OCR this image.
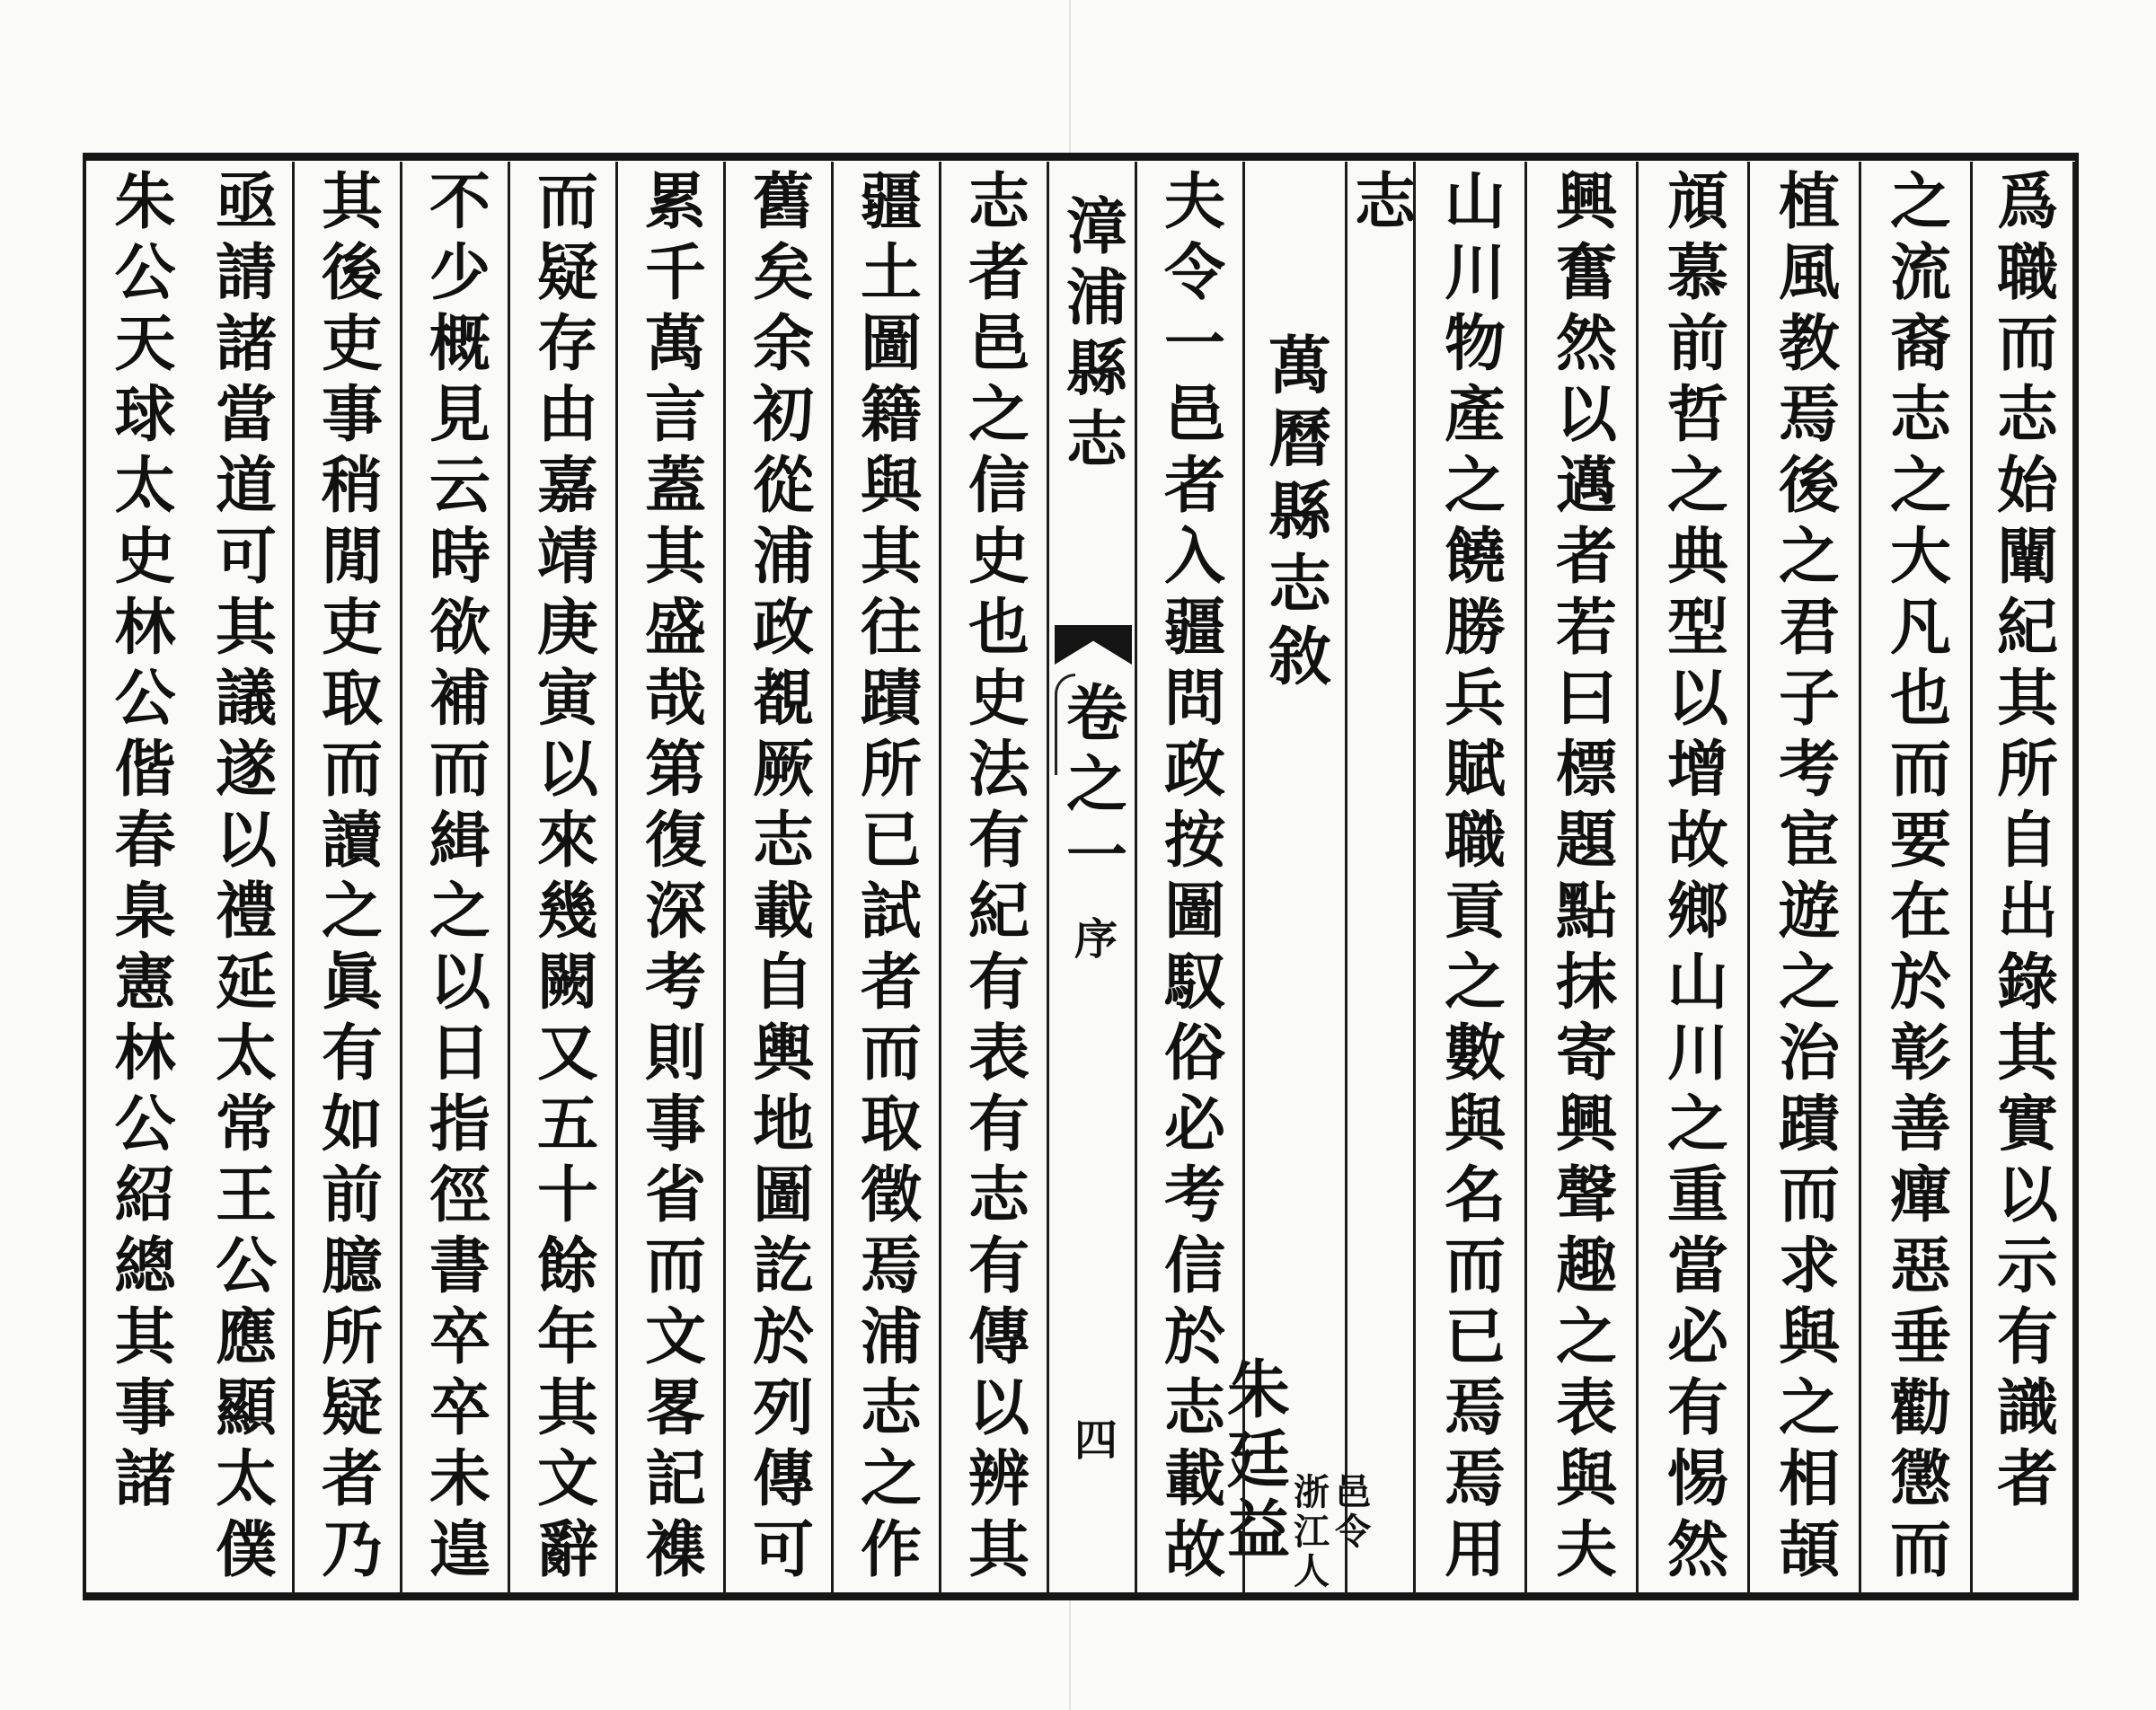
爲職而志始闡紀其所自出錄其實以示有識者
之流裔志之大凡也而要在於彰善癉惡垂勸懲而
植風教焉後之君子考宦遊之治蹟而求與之相頡
頏慕前哲之典型以增故鄉山川之重當必有惕然
興奮然以邁者若曰標題點抹寄興聲趣之表與夫
山川物產之饒勝兵賦職貢之數與名而已焉焉用
志
萬曆縣志敘
朱廷益 邑令
浙江人
夫令一邑者入疆問政按圖馭俗必考信於志載故
漳浦縣志
卷之一
序
四
志者邑之信史也史法有紀有表有志有傳以辨其
疆土圖籍與其往蹟所已試者而取徵焉浦志之作
舊矣余初從浦政覩厥志載自輿地圖訖於列傳可
累千萬言蓋其盛哉第復深考則事省而文畧記襍
而疑存由嘉靖庚寅以來幾闕又五十餘年其文辭
不少概見云時欲補而緝之以日指徑書卒卒未遑
其後吏事稍閒吏取而讀之眞有如前臆所疑者乃
亟請諸當道可其議遂以禮延太常王公應顯太僕
朱公天球太史林公偕春臬憲林公紹總其事諸
